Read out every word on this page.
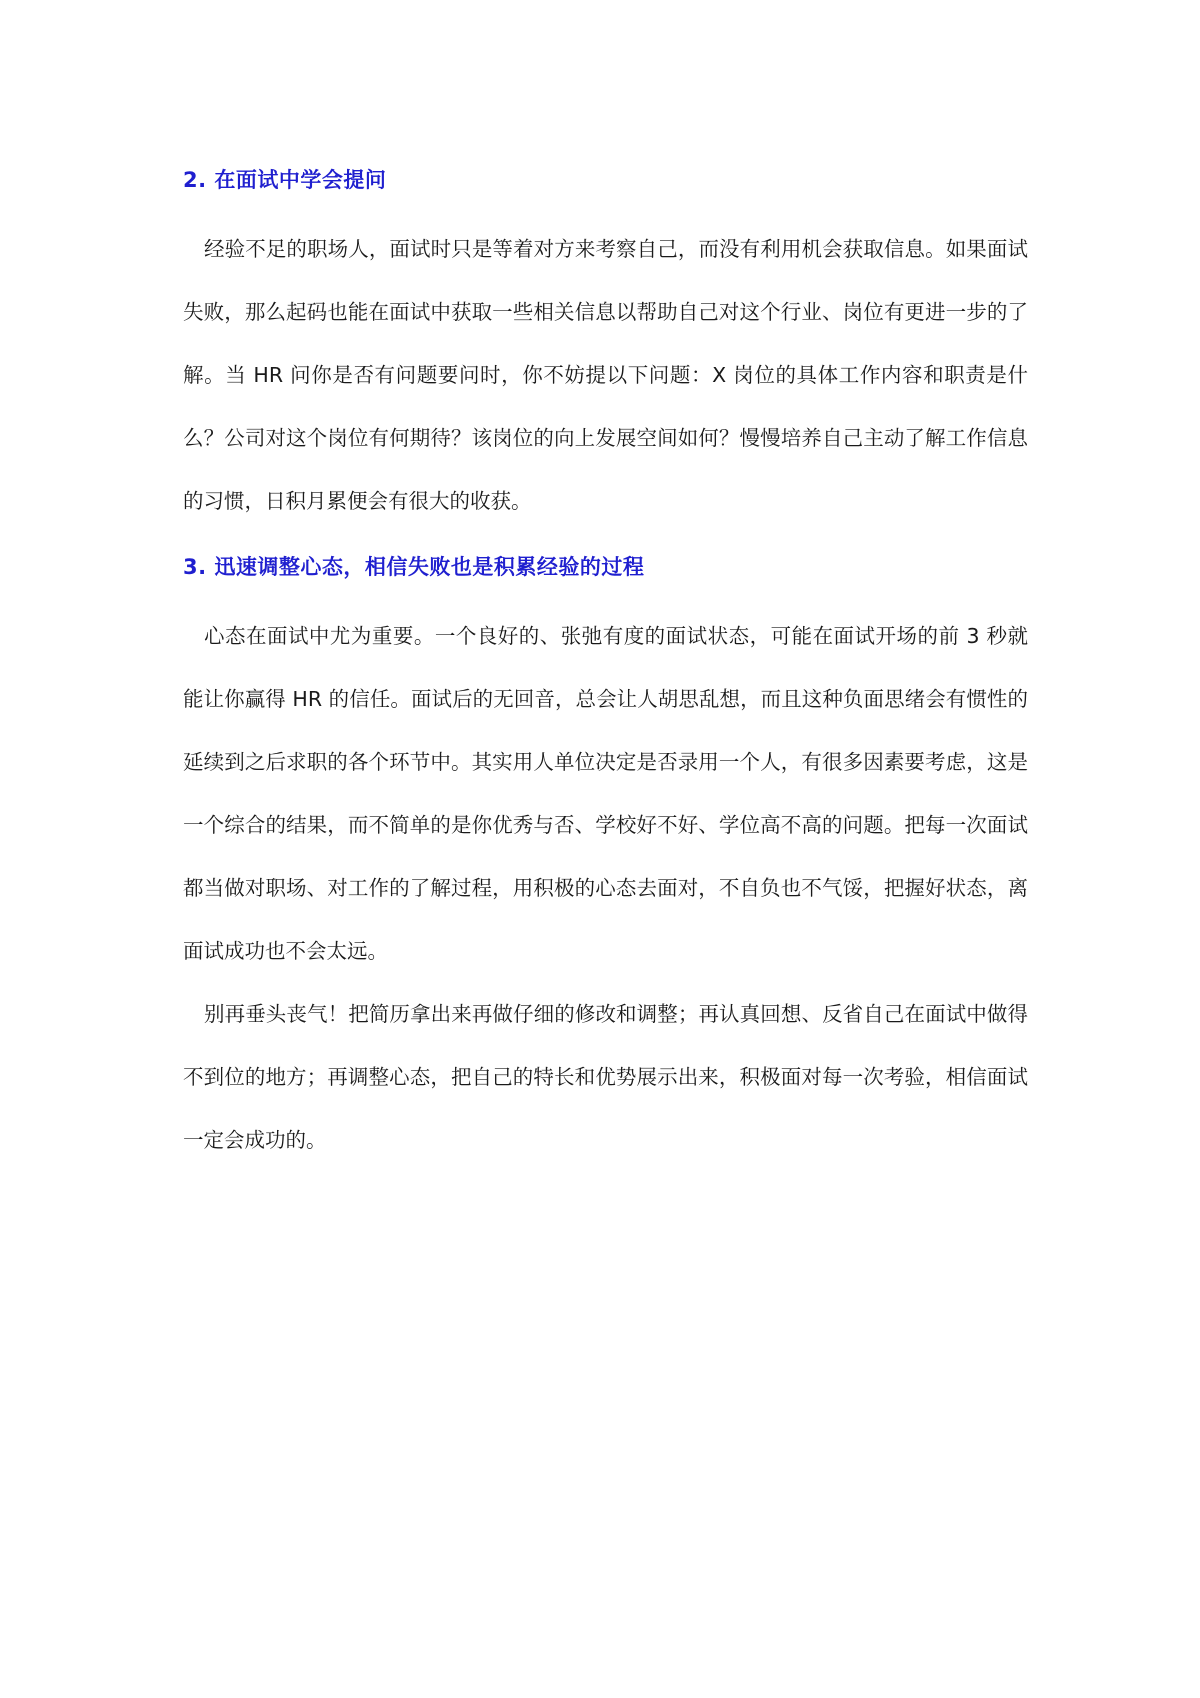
2. 在面试中学会提问

经验不足的职场人，面试时只是等着对方来考察自己，而没有利用机会获取信息。如果面试失败，那么起码也能在面试中获取一些相关信息以帮助自己对这个行业、岗位有更进一步的了解。当 HR 问你是否有问题要问时，你不妨提以下问题：X 岗位的具体工作内容和职责是什么？公司对这个岗位有何期待？该岗位的向上发展空间如何？慢慢培养自己主动了解工作信息的习惯，日积月累便会有很大的收获。

3. 迅速调整心态，相信失败也是积累经验的过程

心态在面试中尤为重要。一个良好的、张弛有度的面试状态，可能在面试开场的前 3 秒就能让你赢得 HR 的信任。面试后的无回音，总会让人胡思乱想，而且这种负面思绪会有惯性的延续到之后求职的各个环节中。其实用人单位决定是否录用一个人，有很多因素要考虑，这是一个综合的结果，而不简单的是你优秀与否、学校好不好、学位高不高的问题。把每一次面试都当做对职场、对工作的了解过程，用积极的心态去面对，不自负也不气馁，把握好状态，离面试成功也不会太远。

别再垂头丧气！把简历拿出来再做仔细的修改和调整；再认真回想、反省自己在面试中做得不到位的地方；再调整心态，把自己的特长和优势展示出来，积极面对每一次考验，相信面试一定会成功的。
